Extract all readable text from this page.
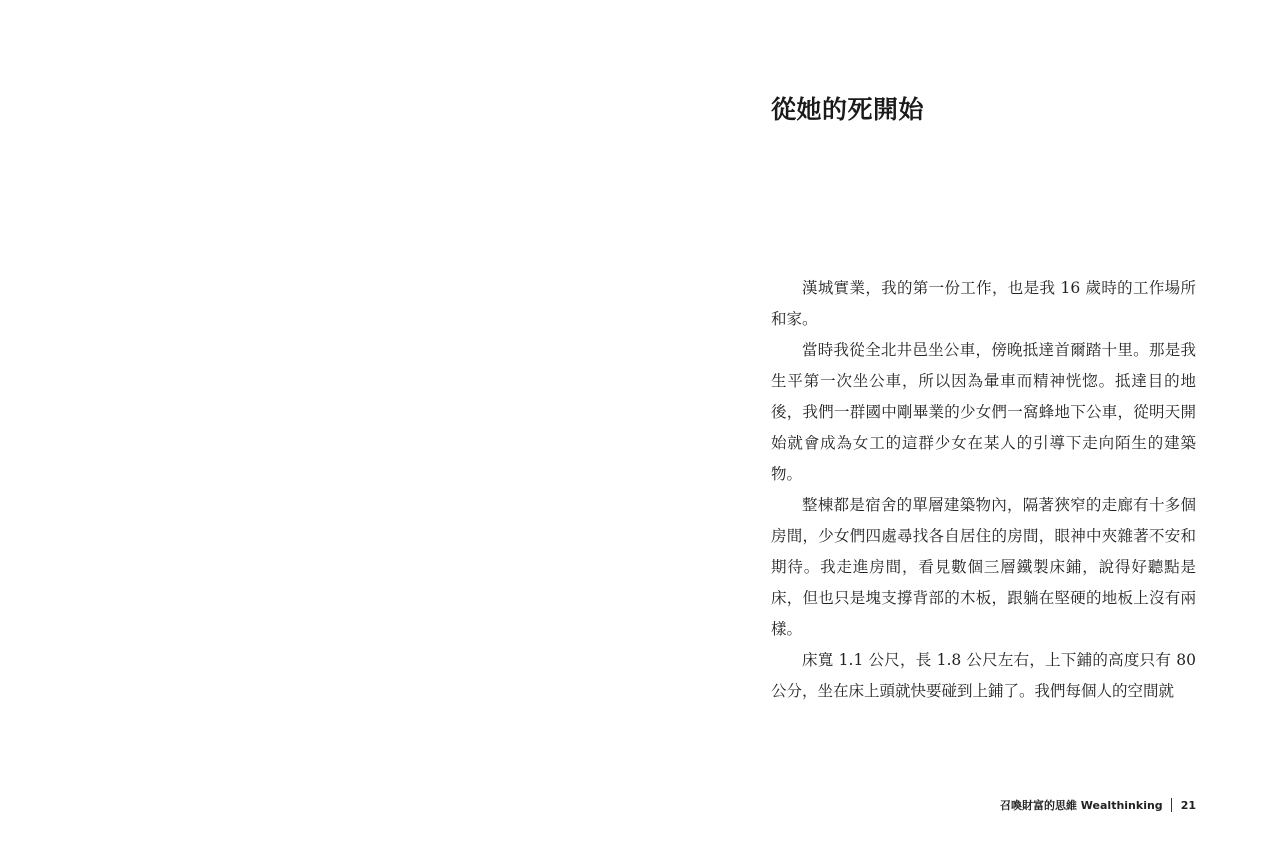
從她的死開始

漢城實業，我的第一份工作，也是我 16 歲時的工作場所和家。

當時我從全北井邑坐公車，傍晚抵達首爾踏十里。那是我生平第一次坐公車，所以因為暈車而精神恍惚。抵達目的地後，我們一群國中剛畢業的少女們一窩蜂地下公車，從明天開始就會成為女工的這群少女在某人的引導下走向陌生的建築物。

整棟都是宿舍的單層建築物內，隔著狹窄的走廊有十多個房間，少女們四處尋找各自居住的房間，眼神中夾雜著不安和期待。我走進房間，看見數個三層鐵製床鋪，說得好聽點是床，但也只是塊支撐背部的木板，跟躺在堅硬的地板上沒有兩樣。

床寬 1.1 公尺，長 1.8 公尺左右，上下鋪的高度只有 80 公分，坐在床上頭就快要碰到上鋪了。我們每個人的空間就

召喚財富的思維 Wealthinking 21
